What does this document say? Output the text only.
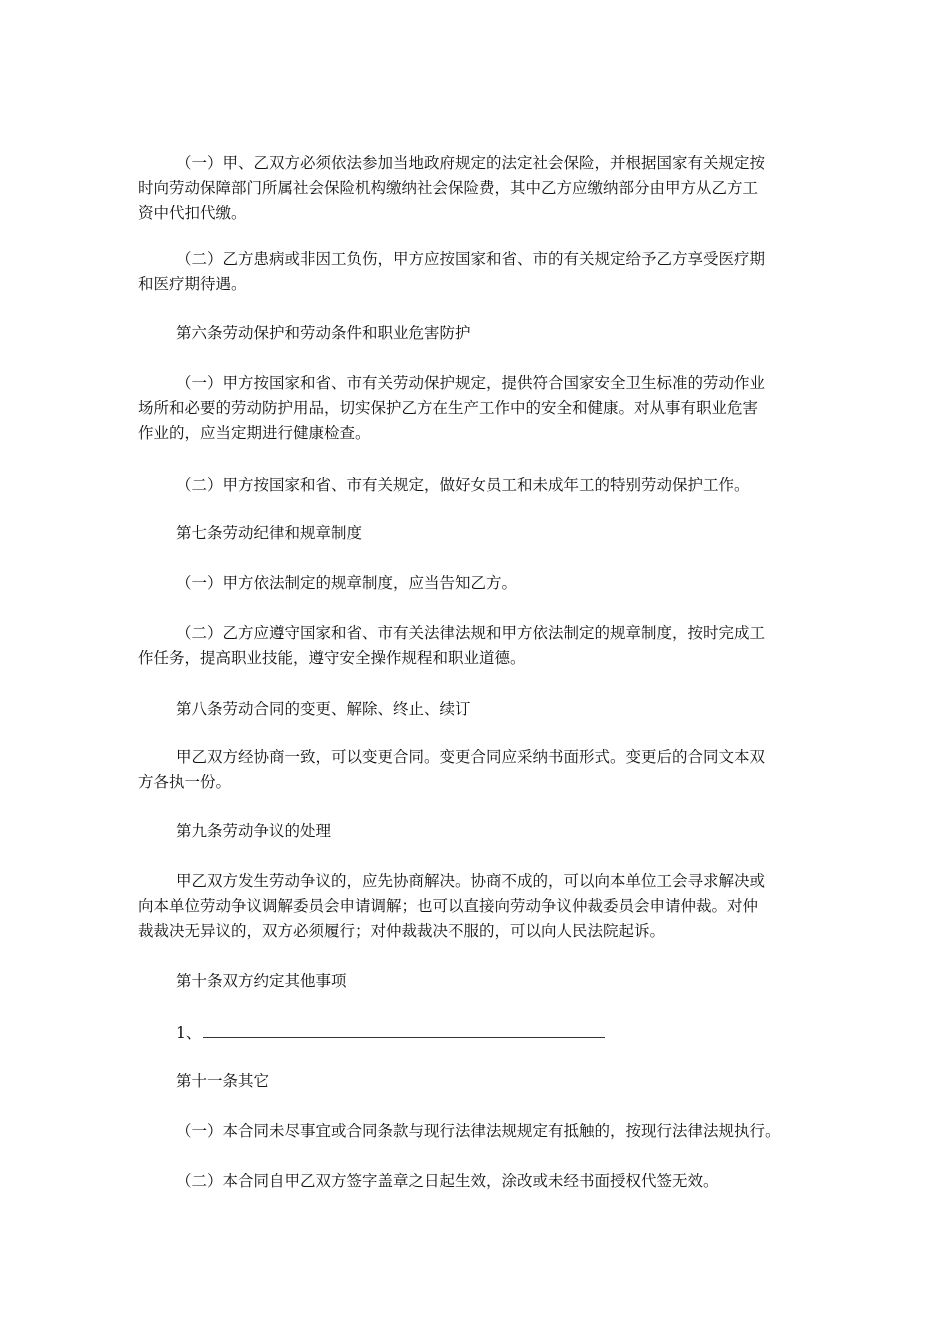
（一）甲、乙双方必须依法参加当地政府规定的法定社会保险，并根据国家有关规定按
时向劳动保障部门所属社会保险机构缴纳社会保险费，其中乙方应缴纳部分由甲方从乙方工
资中代扣代缴。
（二）乙方患病或非因工负伤，甲方应按国家和省、市的有关规定给予乙方享受医疗期
和医疗期待遇。
第六条劳动保护和劳动条件和职业危害防护
（一）甲方按国家和省、市有关劳动保护规定，提供符合国家安全卫生标准的劳动作业
场所和必要的劳动防护用品，切实保护乙方在生产工作中的安全和健康。对从事有职业危害
作业的，应当定期进行健康检查。
（二）甲方按国家和省、市有关规定，做好女员工和未成年工的特别劳动保护工作。
第七条劳动纪律和规章制度
（一）甲方依法制定的规章制度，应当告知乙方。
（二）乙方应遵守国家和省、市有关法律法规和甲方依法制定的规章制度，按时完成工
作任务，提高职业技能，遵守安全操作规程和职业道德。
第八条劳动合同的变更、解除、终止、续订
甲乙双方经协商一致，可以变更合同。变更合同应采纳书面形式。变更后的合同文本双
方各执一份。
第九条劳动争议的处理
甲乙双方发生劳动争议的，应先协商解决。协商不成的，可以向本单位工会寻求解决或
向本单位劳动争议调解委员会申请调解；也可以直接向劳动争议仲裁委员会申请仲裁。对仲
裁裁决无异议的，双方必须履行；对仲裁裁决不服的，可以向人民法院起诉。
第十条双方约定其他事项
1、
第十一条其它
（一）本合同未尽事宜或合同条款与现行法律法规规定有抵触的，按现行法律法规执行。
（二）本合同自甲乙双方签字盖章之日起生效，涂改或未经书面授权代签无效。
